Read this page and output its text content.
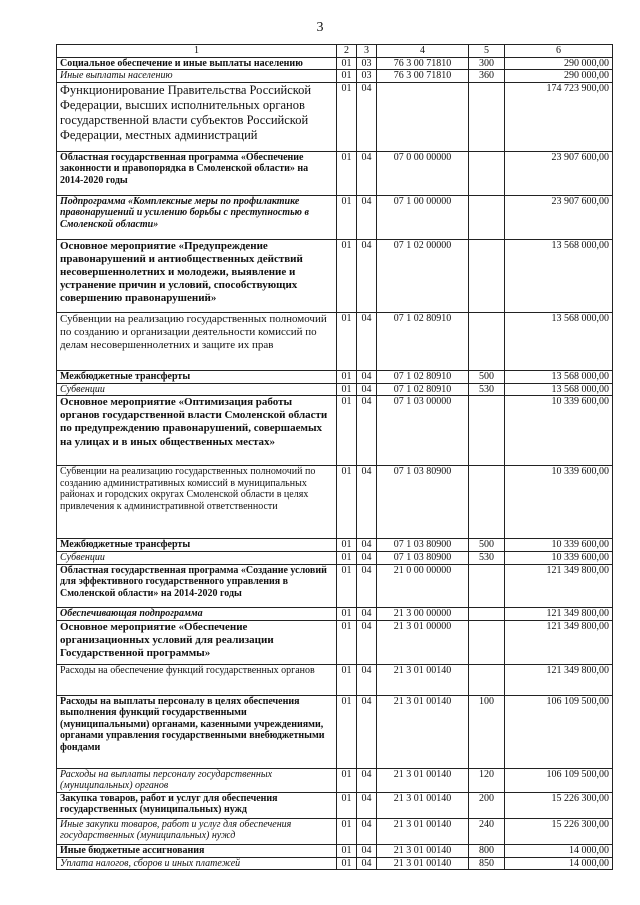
3
1	2	3	4	5	6
Социальное обеспечение и иные выплаты населению	01	03	76 3 00 71810	300	290 000,00
Иные выплаты населению	01	03	76 3 00 71810	360	290 000,00
Функционирование Правительства Российской Федерации, высших исполнительных органов государственной власти субъектов Российской Федерации, местных администраций	01	04			174 723 900,00
Областная государственная программа «Обеспечение законности и правопорядка в Смоленской области» на 2014-2020 годы	01	04	07 0 00 00000		23 907 600,00
Подпрограмма «Комплексные меры по профилактике правонарушений и усилению борьбы с преступностью в Смоленской области»	01	04	07 1 00 00000		23 907 600,00
Основное мероприятие «Предупреждение правонарушений и антиобщественных действий несовершеннолетних и молодежи, выявление и устранение причин и условий, способствующих совершению правонарушений»	01	04	07 1 02 00000		13 568 000,00
Субвенции на реализацию государственных полномочий по созданию и организации деятельности комиссий по делам несовершеннолетних и защите их прав	01	04	07 1 02 80910		13 568 000,00
Межбюджетные трансферты	01	04	07 1 02 80910	500	13 568 000,00
Субвенции	01	04	07 1 02 80910	530	13 568 000,00
Основное мероприятие «Оптимизация работы органов государственной власти Смоленской области по предупреждению правонарушений, совершаемых на улицах и в иных общественных местах»	01	04	07 1 03 00000		10 339 600,00
Субвенции на реализацию государственных полномочий по созданию административных комиссий в муниципальных районах и городских округах Смоленской области в целях привлечения к административной ответственности	01	04	07 1 03 80900		10 339 600,00
Межбюджетные трансферты	01	04	07 1 03 80900	500	10 339 600,00
Субвенции	01	04	07 1 03 80900	530	10 339 600,00
Областная государственная программа «Создание условий для эффективного государственного управления в Смоленской области» на 2014-2020 годы	01	04	21 0 00 00000		121 349 800,00
Обеспечивающая подпрограмма	01	04	21 3 00 00000		121 349 800,00
Основное мероприятие «Обеспечение организационных условий для реализации Государственной программы»	01	04	21 3 01 00000		121 349 800,00
Расходы на обеспечение функций государственных органов	01	04	21 3 01 00140		121 349 800,00
Расходы на выплаты персоналу в целях обеспечения выполнения функций государственными (муниципальными) органами, казенными учреждениями, органами управления государственными внебюджетными фондами	01	04	21 3 01 00140	100	106 109 500,00
Расходы на выплаты персоналу государственных (муниципальных) органов	01	04	21 3 01 00140	120	106 109 500,00
Закупка товаров, работ и услуг для обеспечения государственных (муниципальных) нужд	01	04	21 3 01 00140	200	15 226 300,00
Иные закупки товаров, работ и услуг для обеспечения государственных (муниципальных) нужд	01	04	21 3 01 00140	240	15 226 300,00
Иные бюджетные ассигнования	01	04	21 3 01 00140	800	14 000,00
Уплата налогов, сборов и иных платежей	01	04	21 3 01 00140	850	14 000,00
